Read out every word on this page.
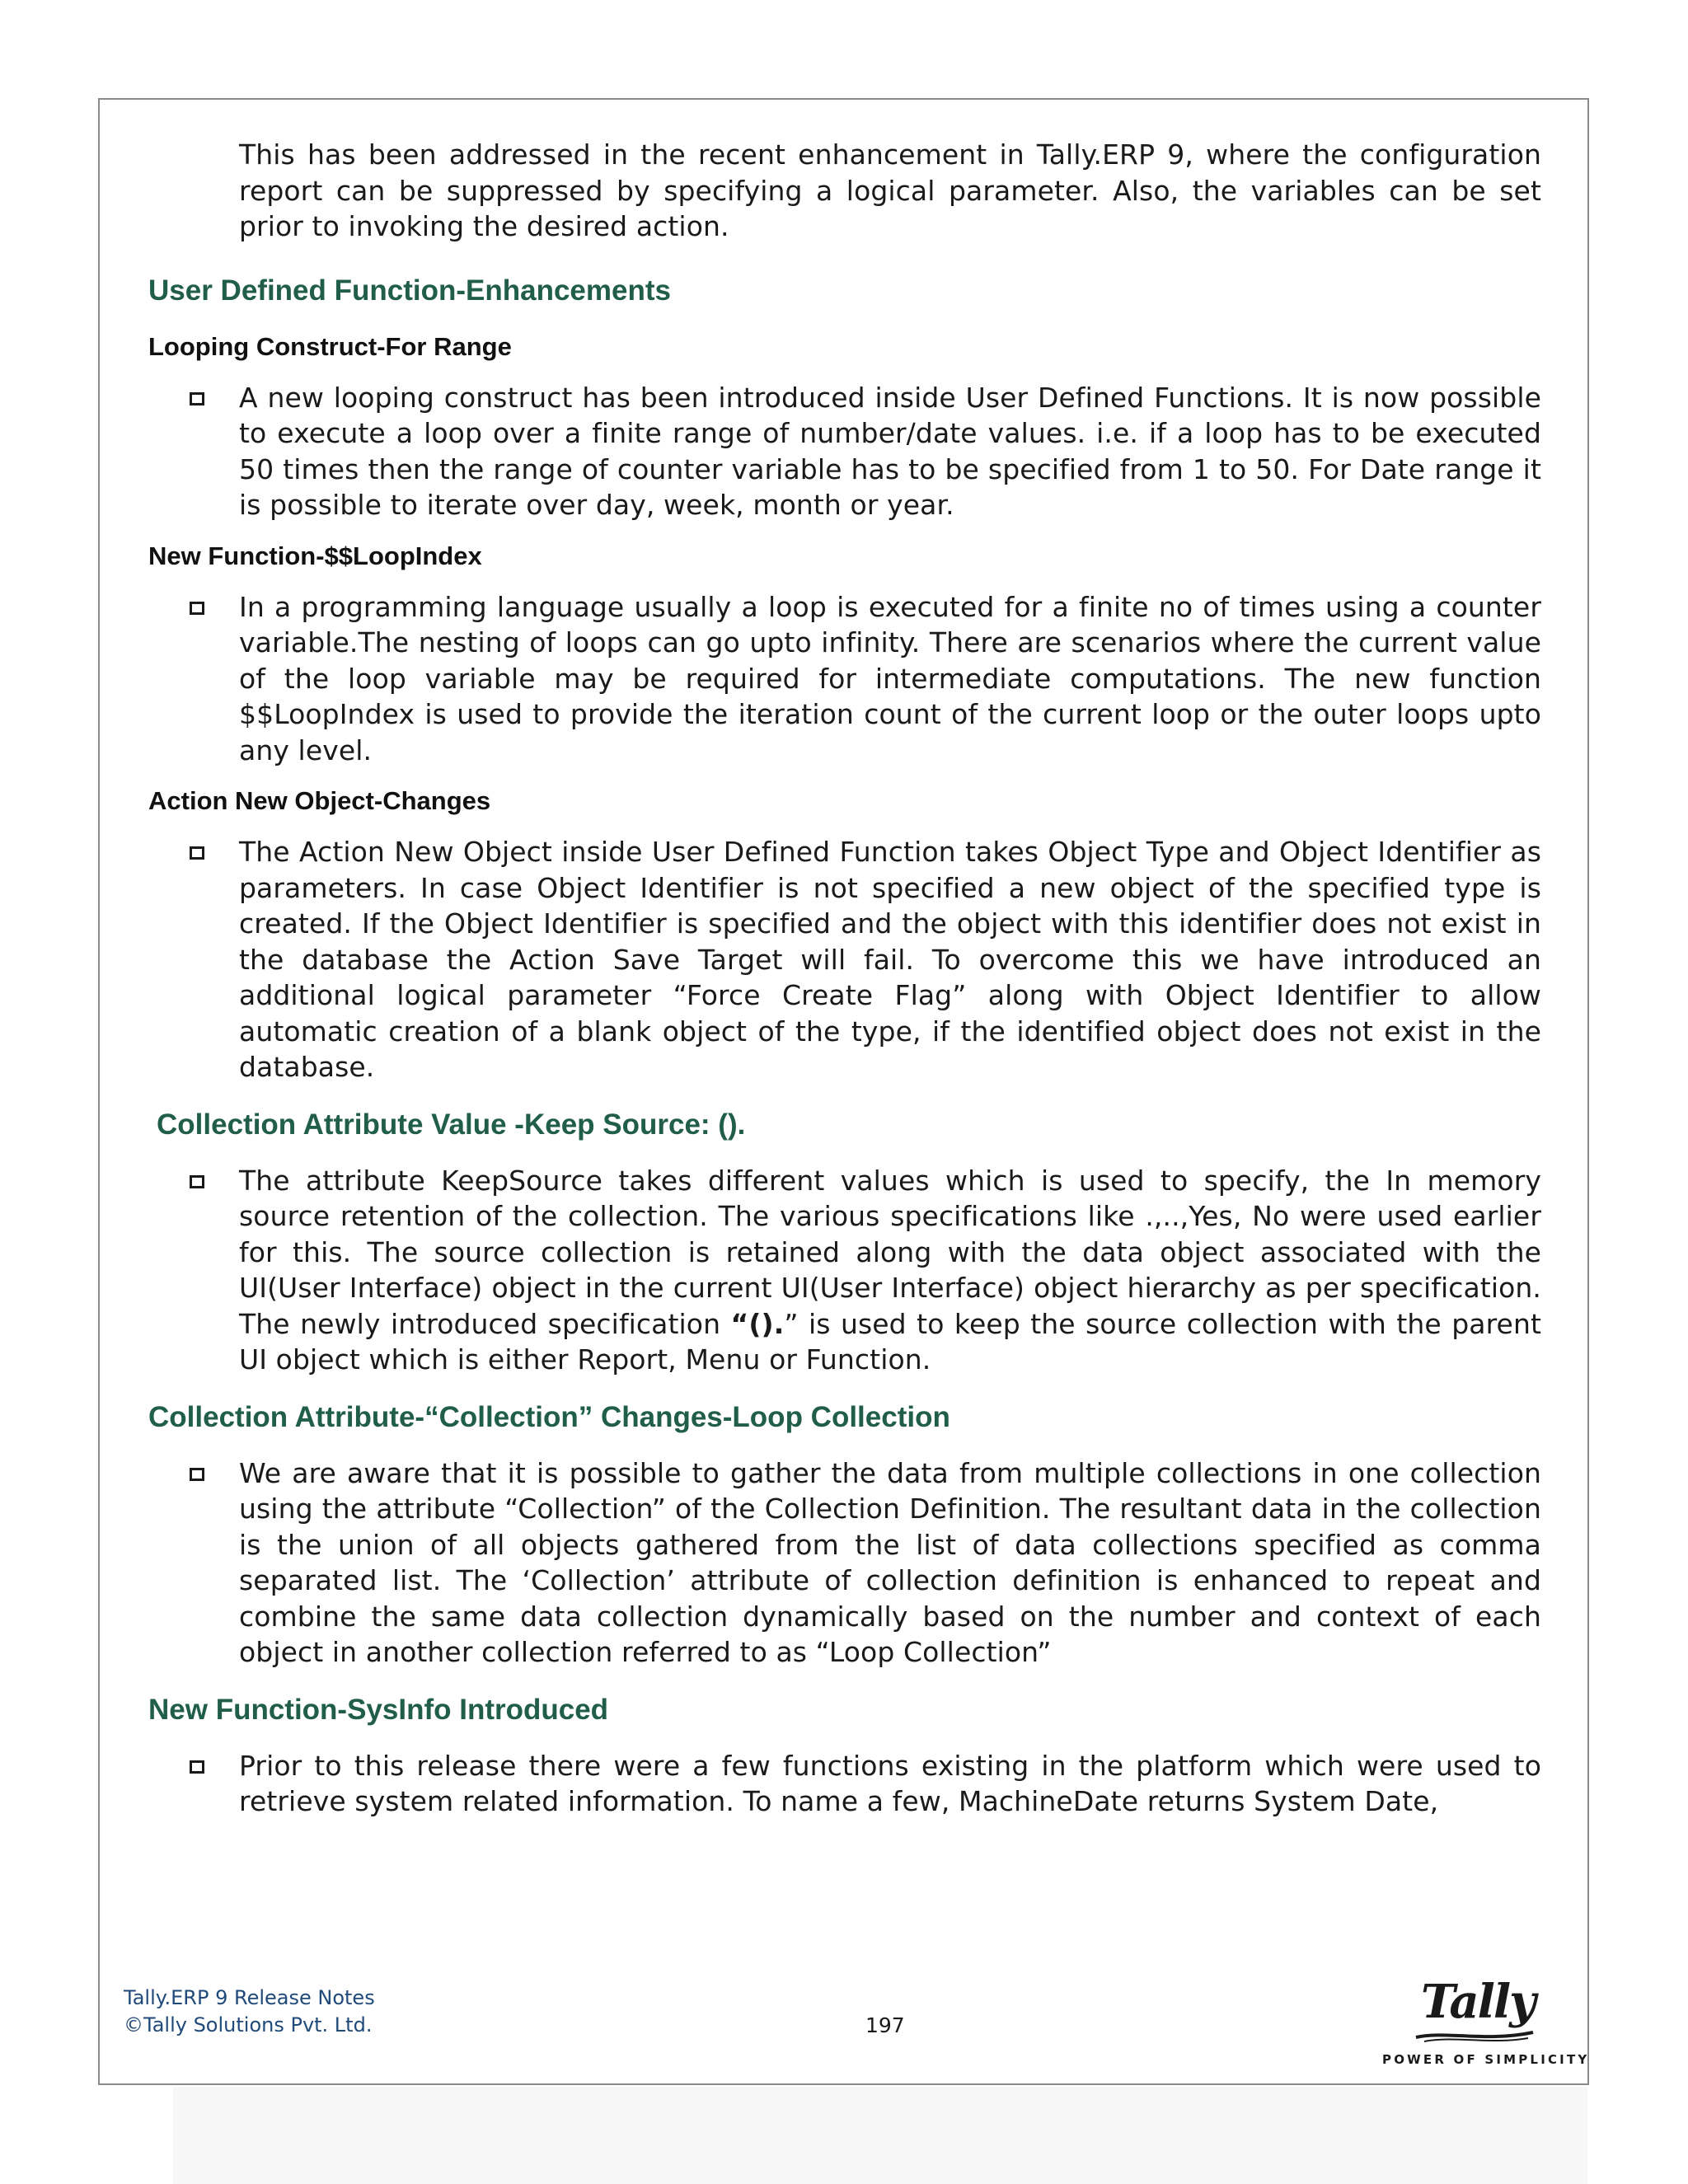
This has been addressed in the recent enhancement in Tally.ERP 9, where the configuration report can be suppressed by specifying a logical parameter. Also, the variables can be set prior to invoking the desired action.

User Defined Function-Enhancements
Looping Construct-For Range

A new looping construct has been introduced inside User Defined Functions. It is now possible to execute a loop over a finite range of number/date values. i.e. if a loop has to be executed 50 times then the range of counter variable has to be specified from 1 to 50. For Date range it is possible to iterate over day, week, month or year.

New Function-$$LoopIndex

In a programming language usually a loop is executed for a finite no of times using a counter variable.The nesting of loops can go upto infinity. There are scenarios where the current value of the loop variable may be required for intermediate computations. The new function $$LoopIndex is used to provide the iteration count of the current loop or the outer loops upto any level.

Action New Object-Changes

The Action New Object inside User Defined Function takes Object Type and Object Identifier as parameters. In case Object Identifier is not specified a new object of the specified type is created. If the Object Identifier is specified and the object with this identifier does not exist in the database the Action Save Target will fail. To overcome this we have introduced an additional logical parameter “Force Create Flag” along with Object Identifier to allow automatic creation of a blank object of the type, if the identified object does not exist in the database.

Collection Attribute Value -Keep Source: ().

The attribute KeepSource takes different values which is used to specify, the In memory source retention of the collection. The various specifications like .,..,Yes, No were used earlier for this. The source collection is retained along with the data object associated with the UI(User Interface) object in the current UI(User Interface) object hierarchy as per specification. The newly introduced specification “().” is used to keep the source collection with the parent UI object which is either Report, Menu or Function.

Collection Attribute-“Collection” Changes-Loop Collection

We are aware that it is possible to gather the data from multiple collections in one collection using the attribute “Collection” of the Collection Definition. The resultant data in the collection is the union of all objects gathered from the list of data collections specified as comma separated list. The ‘Collection’ attribute of collection definition is enhanced to repeat and combine the same data collection dynamically based on the number and context of each object in another collection referred to as “Loop Collection”

New Function-SysInfo Introduced

Prior to this release there were a few functions existing in the platform which were used to retrieve system related information. To name a few, MachineDate returns System Date,

Tally.ERP 9 Release Notes
©Tally Solutions Pvt. Ltd.	197	Tally
POWER OF SIMPLICITY
